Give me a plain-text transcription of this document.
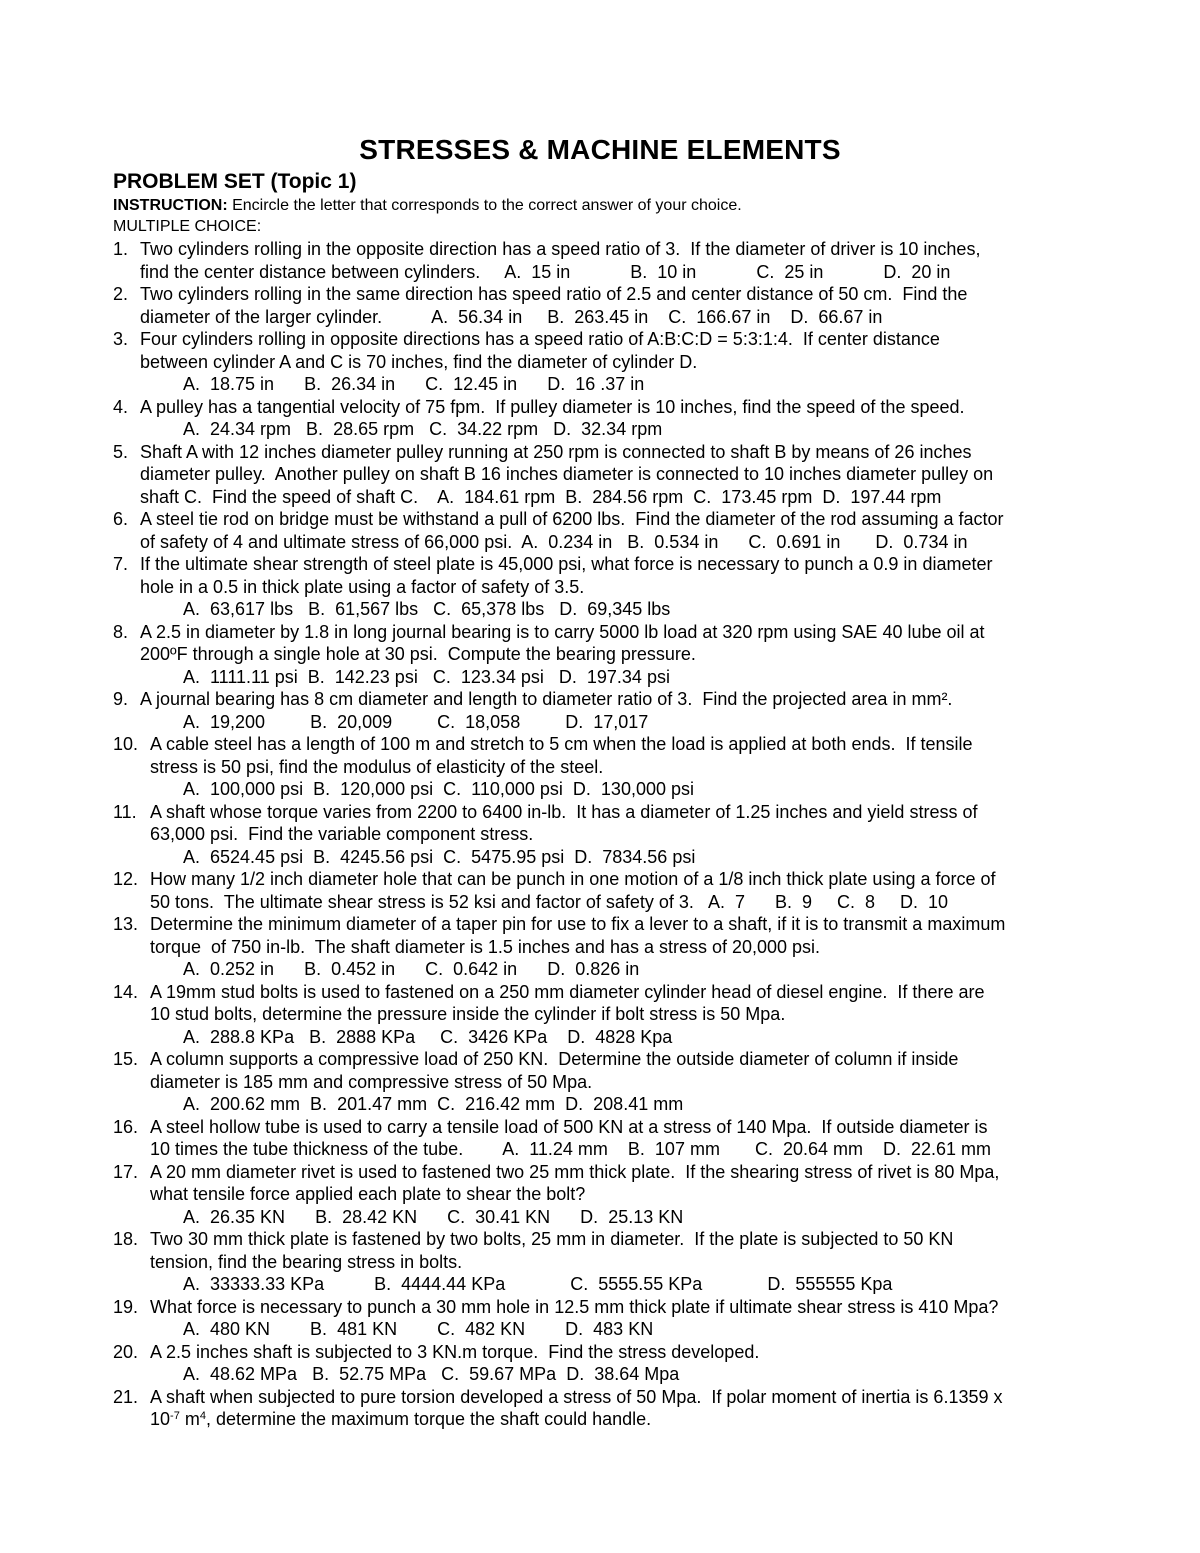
STRESSES & MACHINE ELEMENTS
PROBLEM SET (Topic 1)
INSTRUCTION: Encircle the letter that corresponds to the correct answer of your choice.
MULTIPLE CHOICE:
1. Two cylinders rolling in the opposite direction has a speed ratio of 3.  If the diameter of driver is 10 inches,
find the center distance between cylinders.     A.  15 in            B.  10 in            C.  25 in            D.  20 in
2. Two cylinders rolling in the same direction has speed ratio of 2.5 and center distance of 50 cm.  Find the
diameter of the larger cylinder.          A.  56.34 in     B.  263.45 in    C.  166.67 in    D.  66.67 in
3. Four cylinders rolling in opposite directions has a speed ratio of A:B:C:D = 5:3:1:4.  If center distance
between cylinder A and C is 70 inches, find the diameter of cylinder D.
A.  18.75 in      B.  26.34 in      C.  12.45 in      D.  16 .37 in
4. A pulley has a tangential velocity of 75 fpm.  If pulley diameter is 10 inches, find the speed of the speed.
A.  24.34 rpm   B.  28.65 rpm   C.  34.22 rpm   D.  32.34 rpm
5. Shaft A with 12 inches diameter pulley running at 250 rpm is connected to shaft B by means of 26 inches
diameter pulley.  Another pulley on shaft B 16 inches diameter is connected to 10 inches diameter pulley on
shaft C.  Find the speed of shaft C.    A.  184.61 rpm  B.  284.56 rpm  C.  173.45 rpm  D.  197.44 rpm
6. A steel tie rod on bridge must be withstand a pull of 6200 lbs.  Find the diameter of the rod assuming a factor
of safety of 4 and ultimate stress of 66,000 psi.  A.  0.234 in   B.  0.534 in      C.  0.691 in       D.  0.734 in
7. If the ultimate shear strength of steel plate is 45,000 psi, what force is necessary to punch a 0.9 in diameter
hole in a 0.5 in thick plate using a factor of safety of 3.5.
A.  63,617 lbs   B.  61,567 lbs   C.  65,378 lbs   D.  69,345 lbs
8. A 2.5 in diameter by 1.8 in long journal bearing is to carry 5000 lb load at 320 rpm using SAE 40 lube oil at
200ºF through a single hole at 30 psi.  Compute the bearing pressure.
A.  1111.11 psi  B.  142.23 psi   C.  123.34 psi   D.  197.34 psi
9. A journal bearing has 8 cm diameter and length to diameter ratio of 3.  Find the projected area in mm².
A.  19,200         B.  20,009         C.  18,058         D.  17,017
10. A cable steel has a length of 100 m and stretch to 5 cm when the load is applied at both ends.  If tensile
stress is 50 psi, find the modulus of elasticity of the steel.
A.  100,000 psi  B.  120,000 psi  C.  110,000 psi  D.  130,000 psi
11. A shaft whose torque varies from 2200 to 6400 in-lb.  It has a diameter of 1.25 inches and yield stress of
63,000 psi.  Find the variable component stress.
A.  6524.45 psi  B.  4245.56 psi  C.  5475.95 psi  D.  7834.56 psi
12. How many 1/2 inch diameter hole that can be punch in one motion of a 1/8 inch thick plate using a force of
50 tons.  The ultimate shear stress is 52 ksi and factor of safety of 3.   A.  7      B.  9     C.  8     D.  10
13. Determine the minimum diameter of a taper pin for use to fix a lever to a shaft, if it is to transmit a maximum
torque  of 750 in-lb.  The shaft diameter is 1.5 inches and has a stress of 20,000 psi.
A.  0.252 in      B.  0.452 in      C.  0.642 in      D.  0.826 in
14. A 19mm stud bolts is used to fastened on a 250 mm diameter cylinder head of diesel engine.  If there are
10 stud bolts, determine the pressure inside the cylinder if bolt stress is 50 Mpa.
A.  288.8 KPa   B.  2888 KPa     C.  3426 KPa    D.  4828 Kpa
15. A column supports a compressive load of 250 KN.  Determine the outside diameter of column if inside
diameter is 185 mm and compressive stress of 50 Mpa.
A.  200.62 mm  B.  201.47 mm  C.  216.42 mm  D.  208.41 mm
16. A steel hollow tube is used to carry a tensile load of 500 KN at a stress of 140 Mpa.  If outside diameter is
10 times the tube thickness of the tube.        A.  11.24 mm    B.  107 mm       C.  20.64 mm    D.  22.61 mm
17. A 20 mm diameter rivet is used to fastened two 25 mm thick plate.  If the shearing stress of rivet is 80 Mpa,
what tensile force applied each plate to shear the bolt?
A.  26.35 KN      B.  28.42 KN      C.  30.41 KN      D.  25.13 KN
18. Two 30 mm thick plate is fastened by two bolts, 25 mm in diameter.  If the plate is subjected to 50 KN
tension, find the bearing stress in bolts.
A.  33333.33 KPa          B.  4444.44 KPa             C.  5555.55 KPa             D.  555555 Kpa
19. What force is necessary to punch a 30 mm hole in 12.5 mm thick plate if ultimate shear stress is 410 Mpa?
A.  480 KN        B.  481 KN        C.  482 KN        D.  483 KN
20. A 2.5 inches shaft is subjected to 3 KN.m torque.  Find the stress developed.
A.  48.62 MPa   B.  52.75 MPa   C.  59.67 MPa  D.  38.64 Mpa
21. A shaft when subjected to pure torsion developed a stress of 50 Mpa.  If polar moment of inertia is 6.1359 x
$10^{-7}$ $m^4$, determine the maximum torque the shaft could handle.
